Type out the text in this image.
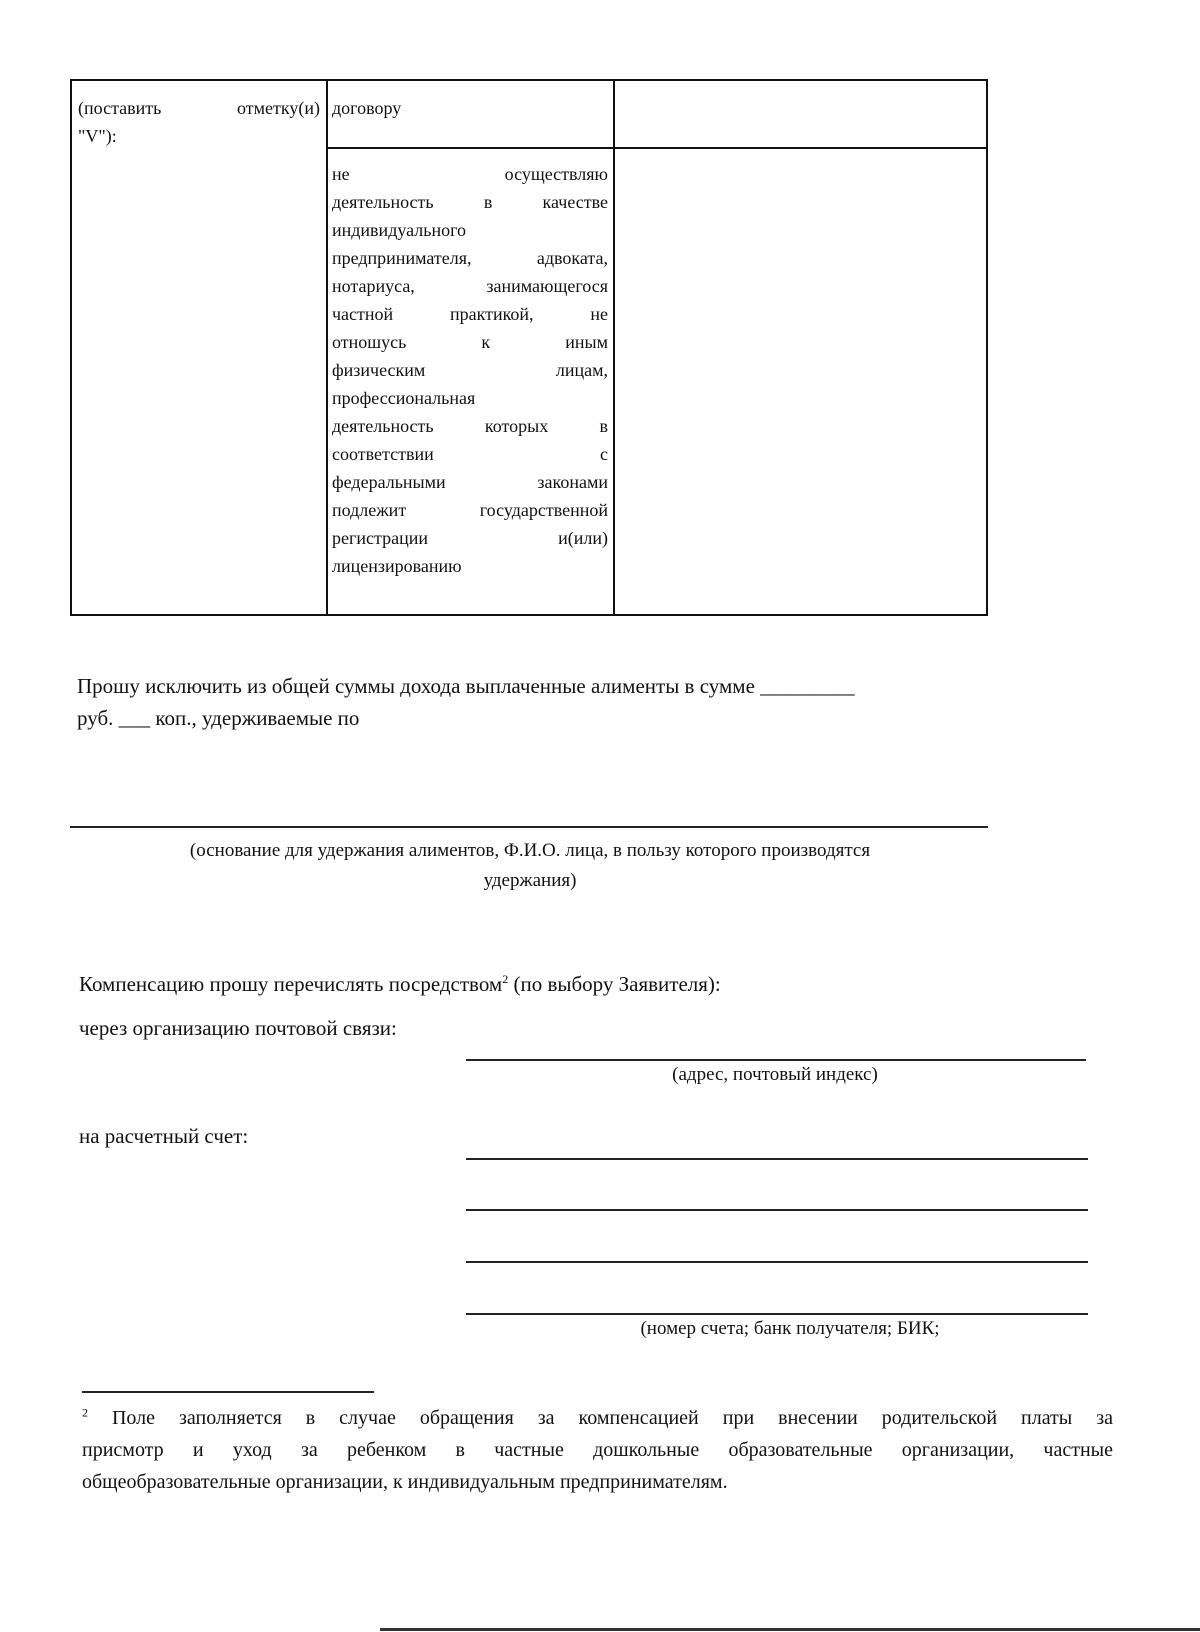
(поставить отметку(и)
"V"):
договору
не осуществляю
деятельность в качестве
индивидуального
предпринимателя, адвоката,
нотариуса, занимающегося
частной практикой, не
отношусь к иным
физическим лицам,
профессиональная
деятельность которых в
соответствии с
федеральными законами
подлежит государственной
регистрации и(или)
лицензированию
Прошу исключить из общей суммы дохода выплаченные алименты в сумме _________
руб. ___ коп., удерживаемые по
(основание для удержания алиментов, Ф.И.О. лица, в пользу которого производятся
удержания)
Компенсацию прошу перечислять посредством$^2$ (по выбору Заявителя):
через организацию почтовой связи:
(адрес, почтовый индекс)
на расчетный счет:
(номер счета; банк получателя; БИК;
$^2$ Поле заполняется в случае обращения за компенсацией при внесении родительской платы за
присмотр и уход за ребенком в частные дошкольные образовательные организации, частные
общеобразовательные организации, к индивидуальным предпринимателям.
